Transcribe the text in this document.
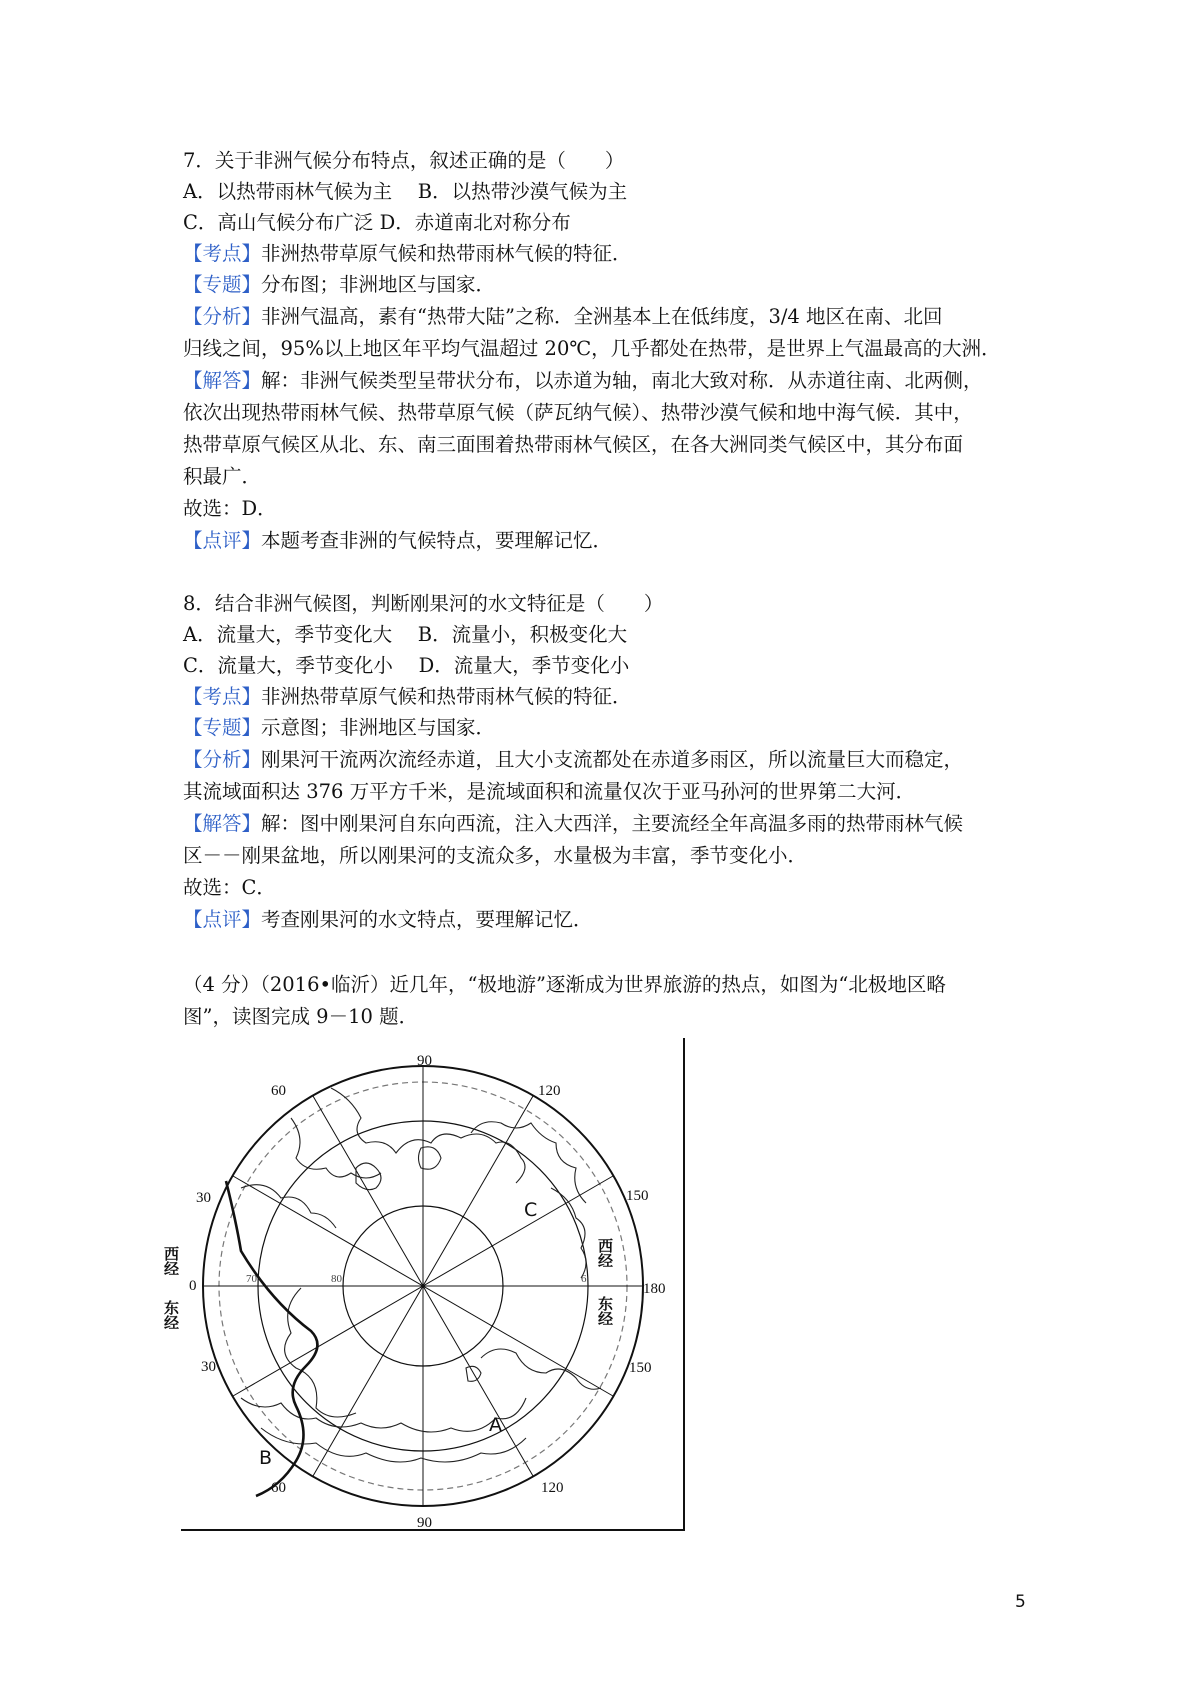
7．关于非洲气候分布特点，叙述正确的是（　　）
A．以热带雨林气候为主　 B．以热带沙漠气候为主
C．高山气候分布广泛 D．赤道南北对称分布
【考点】非洲热带草原气候和热带雨林气候的特征．
【专题】分布图；非洲地区与国家．
【分析】非洲气温高，素有“热带大陆”之称．全洲基本上在低纬度，3/4 地区在南、北回
归线之间，95%以上地区年平均气温超过 20℃，几乎都处在热带，是世界上气温最高的大洲．
【解答】解：非洲气候类型呈带状分布，以赤道为轴，南北大致对称．从赤道往南、北两侧，
依次出现热带雨林气候、热带草原气候（萨瓦纳气候）、热带沙漠气候和地中海气候．其中，
热带草原气候区从北、东、南三面围着热带雨林气候区，在各大洲同类气候区中，其分布面
积最广．
故选：D．
【点评】本题考查非洲的气候特点，要理解记忆．
8．结合非洲气候图，判断刚果河的水文特征是（　　）
A．流量大，季节变化大　 B．流量小，积极变化大
C．流量大，季节变化小　 D．流量大，季节变化小
【考点】非洲热带草原气候和热带雨林气候的特征．
【专题】示意图；非洲地区与国家．
【分析】刚果河干流两次流经赤道，且大小支流都处在赤道多雨区，所以流量巨大而稳定，
其流域面积达 376 万平方千米，是流域面积和流量仅次于亚马孙河的世界第二大河．
【解答】解：图中刚果河自东向西流，注入大西洋，主要流经全年高温多雨的热带雨林气候
区－－刚果盆地，所以刚果河的支流众多，水量极为丰富，季节变化小．
故选：C．
【点评】考查刚果河的水文特点，要理解记忆．
（4 分）（2016•临沂）近几年，“极地游”逐渐成为世界旅游的热点，如图为“北极地区略
图”，读图完成 9－10 题．
90
90
60	120
30	150
30	150
60	120
180
0	70	80	6
西经
东经
西经
东经
A
B
C
5
